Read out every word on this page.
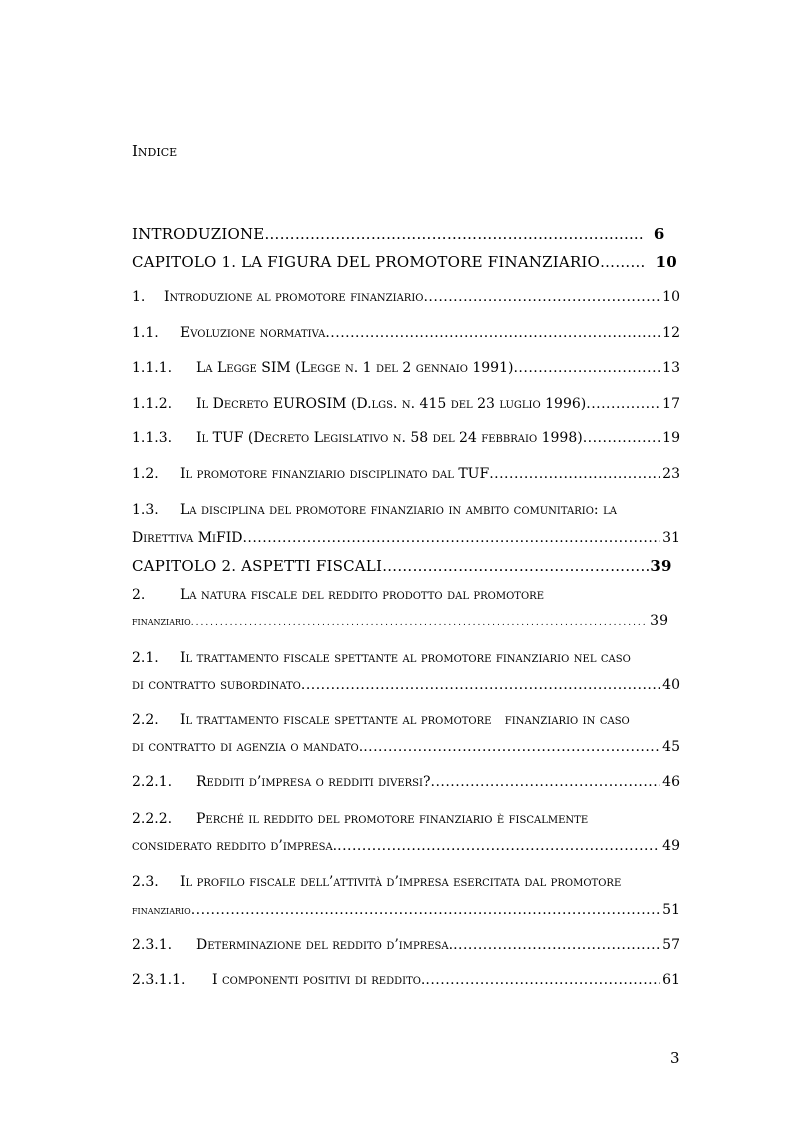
Indice
INTRODUZIONE……………………………………………………………...... 6
CAPITOLO 1. LA FIGURA DEL PROMOTORE FINANZIARIO……… 10
1.	Introduzione al promotore finanziario .....	10
1.1.	Evoluzione normativa .....	12
1.1.1.	La Legge SIM (Legge n. 1 del 2 gennaio 1991) .....	13
1.1.2.	Il Decreto EUROSIM (D.lgs. n. 415 del 23 luglio 1996) .....	17
1.1.3.	Il TUF (Decreto Legislativo n. 58 del 24 febbraio 1998) .....	19
1.2.	Il promotore finanziario disciplinato dal TUF .....	23
1.3. La disciplina del promotore finanziario in ambito comunitario: la
Direttiva MiFID .....	31
CAPITOLO 2. ASPETTI FISCALI……………………………………………..39
2. La natura fiscale del reddito prodotto dal promotore
finanziario .....	39
2.1. Il trattamento fiscale spettante al promotore finanziario nel caso
di contratto subordinato .....	40
2.2. Il trattamento fiscale spettante al promotore   finanziario in caso
di contratto di agenzia o mandato. .....	45
2.2.1.	Redditi d’impresa o redditi diversi? .....	46
2.2.2. Perché il reddito del promotore finanziario è fiscalmente
considerato reddito d’impresa. .....	49
2.3. Il profilo fiscale dell’attività d’impresa esercitata dal promotore
finanziario .....	51
2.3.1.	Determinazione del reddito d’impresa. .....	57
2.3.1.1.	I componenti positivi di reddito. .....	61
3
